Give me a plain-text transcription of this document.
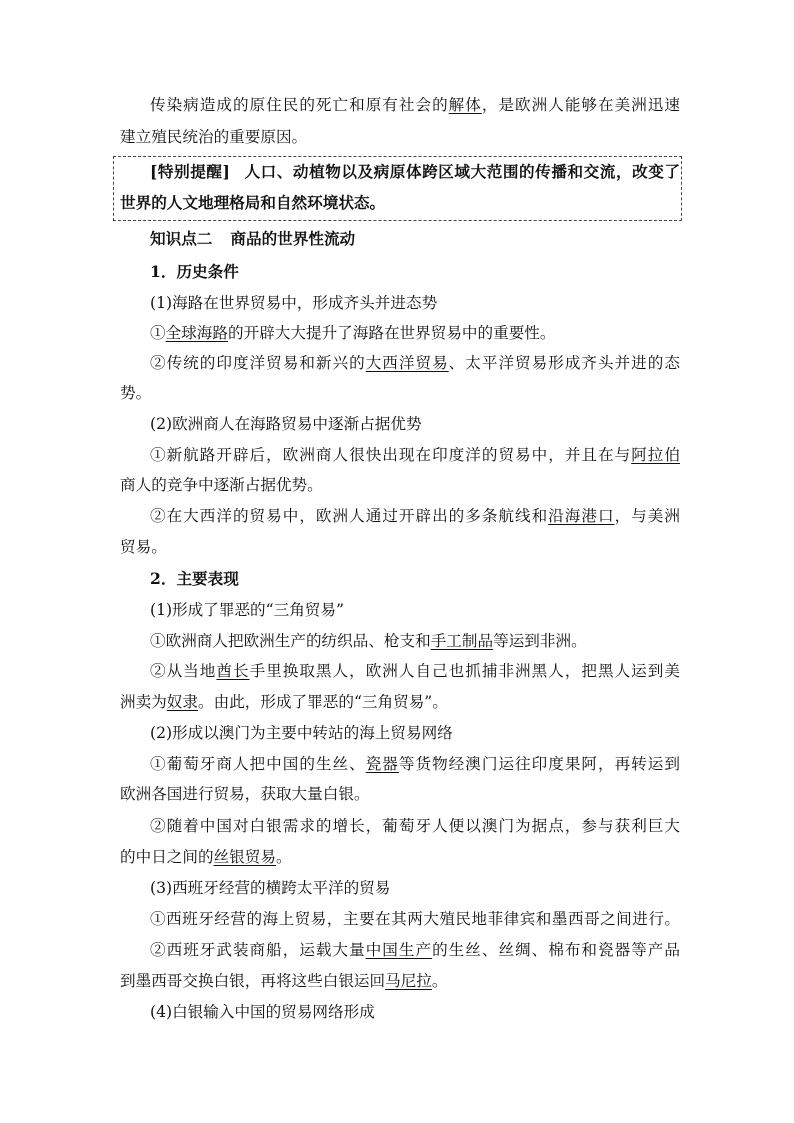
传染病造成的原住民的死亡和原有社会的解体，是欧洲人能够在美洲迅速
建立殖民统治的重要原因。
[特别提醒] 人口、动植物以及病原体跨区域大范围的传播和交流，改变了
世界的人文地理格局和自然环境状态。
知识点二 商品的世界性流动
1．历史条件
(1)海路在世界贸易中，形成齐头并进态势
①全球海路的开辟大大提升了海路在世界贸易中的重要性。
②传统的印度洋贸易和新兴的大西洋贸易、太平洋贸易形成齐头并进的态
势。
(2)欧洲商人在海路贸易中逐渐占据优势
①新航路开辟后，欧洲商人很快出现在印度洋的贸易中，并且在与阿拉伯
商人的竞争中逐渐占据优势。
②在大西洋的贸易中，欧洲人通过开辟出的多条航线和沿海港口，与美洲
贸易。
2．主要表现
(1)形成了罪恶的“三角贸易”
①欧洲商人把欧洲生产的纺织品、枪支和手工制品等运到非洲。
②从当地酋长手里换取黑人，欧洲人自己也抓捕非洲黑人，把黑人运到美
洲卖为奴隶。由此，形成了罪恶的“三角贸易”。
(2)形成以澳门为主要中转站的海上贸易网络
①葡萄牙商人把中国的生丝、瓷器等货物经澳门运往印度果阿，再转运到
欧洲各国进行贸易，获取大量白银。
②随着中国对白银需求的增长，葡萄牙人便以澳门为据点，参与获利巨大
的中日之间的丝银贸易。
(3)西班牙经营的横跨太平洋的贸易
①西班牙经营的海上贸易，主要在其两大殖民地菲律宾和墨西哥之间进行。
②西班牙武装商船，运载大量中国生产的生丝、丝绸、棉布和瓷器等产品
到墨西哥交换白银，再将这些白银运回马尼拉。
(4)白银输入中国的贸易网络形成
